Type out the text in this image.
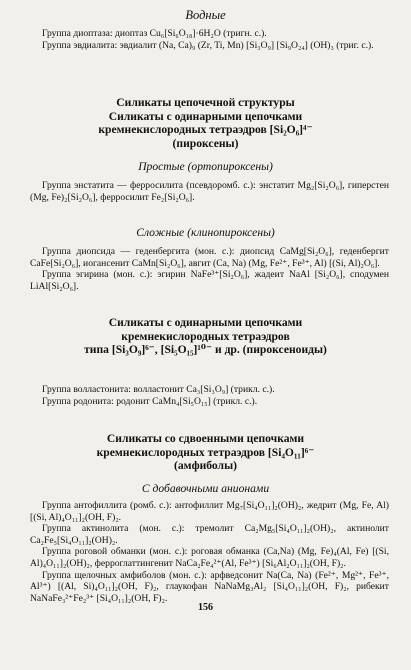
Водные

Группа диоптаза: диоптаз Cu₆[Si₆O₁₈]·6H₂O (тригн. с.).

Группа эвдиалита: эвдиалит (Na, Ca)₉ (Zr, Ti, Mn) [Si₃O₉] [Si₉O₂₄] (OH)₃ (триг. с.).

Силикаты цепочечной структуры

Силикаты с одинарными цепочками

кремнекислородных тетраэдров [Si₂O₆]⁴⁻

(пироксены)

Простые (ортопироксены)

Группа энстатита — ферросилита (псевдоромб. с.): энстатит Mg₂[Si₂O₆], гиперстен (Mg, Fe)₂[Si₂O₆], ферросилит Fe₂[Si₂O₆].

Сложные (клинопироксены)

Группа диопсида — геденбергита (мон. с.): диопсид CaMg[Si₂O₆], геденбергит CaFe[Si₂O₆], иогансенит CaMn[Si₂O₆], авгит (Ca, Na) (Mg, Fe²⁺, Fe³⁺, Al) [(Si, Al)₂O₆].

Группа эгирина (мон. с.): эгирин NaFe³⁺[Si₂O₆], жадеит NaAl [Si₂O₆], сподумен LiAl[Si₂O₆].

Силикаты с одинарными цепочками

кремнекислородных тетраэдров

типа [Si₃O₉]⁶⁻, [Si₅O₁₅]¹⁰⁻ и др. (пироксеноиды)

Группа волластонита: волластонит Ca₃[Si₃O₉] (трикл. с.).

Группа родонита: родонит CaMn₄[Si₅O₁₅] (трикл. с.).

Силикаты со сдвоенными цепочками

кремнекислородных тетраэдров [Si₄O₁₁]⁶⁻

(амфиболы)

С добавочными анионами

Группа антофиллита (ромб. с.): антофиллит Mg₇[Si₄O₁₁]₂(OH)₂, жедрит (Mg, Fe, Al) [(Si, Al)₄O₁₁]₂(OH, F)₂.

Группа актинолита (мон. с.): тремолит Ca₂Mg₅[Si₄O₁₁]₂(OH)₂, актинолит Ca₂Fe₅[Si₄O₁₁]₂(OH)₂.

Группа роговой обманки (мон. с.): роговая обманка (Ca,Na) (Mg, Fe)₄(Al, Fe) [(Si, Al)₄O₁₁]₂(OH)₂, ферроглаттингенит NaCa₂Fe₄²⁺(Al, Fe³⁺) [Si₆Al₂O₁₁]₂(OH, F)₂.

Группа щелочных амфиболов (мон. с.): арфведсонит Na(Ca, Na) (Fe²⁺, Mg²⁺, Fe³⁺, Al³⁺) [(Al, Si)₄O₁₁]₂(OH, F)₂, глаукофан NaNaMg₃Al₂ [Si₄O₁₁]₂(OH, F)₂, рибекит NaNaFe₃²⁺Fe₂³⁺ [Si₄O₁₁]₂(OH, F)₂.

156
